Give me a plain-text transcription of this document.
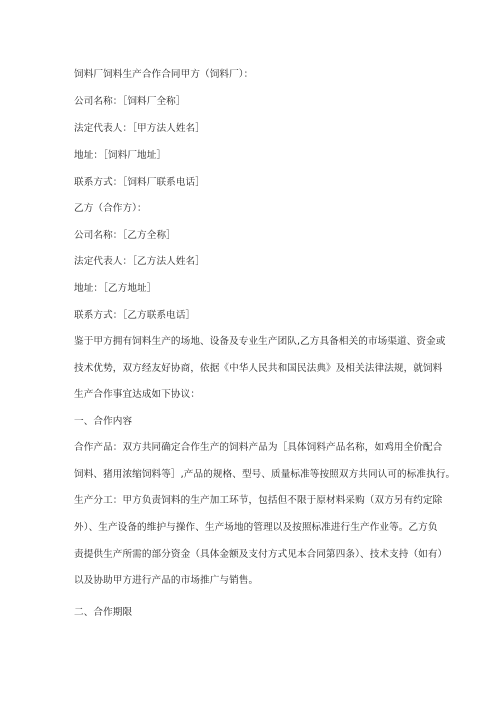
饲料厂饲料生产合作合同甲方（饲料厂）：
公司名称：［饲料厂全称］
法定代表人：［甲方法人姓名］
地址：［饲料厂地址］
联系方式：［饲料厂联系电话］
乙方（合作方）：
公司名称：［乙方全称］
法定代表人：［乙方法人姓名］
地址：［乙方地址］
联系方式：［乙方联系电话］
鉴于甲方拥有饲料生产的场地、设备及专业生产团队,乙方具备相关的市场渠道、资金或
技术优势，双方经友好协商，依据《中华人民共和国民法典》及相关法律法规，就饲料
生产合作事宜达成如下协议：
一、合作内容
合作产品：双方共同确定合作生产的饲料产品为［具体饲料产品名称，如鸡用全价配合
饲料、猪用浓缩饲料等］,产品的规格、型号、质量标准等按照双方共同认可的标准执行。
生产分工：甲方负责饲料的生产加工环节，包括但不限于原材料采购（双方另有约定除
外）、生产设备的维护与操作、生产场地的管理以及按照标准进行生产作业等。乙方负
责提供生产所需的部分资金（具体金额及支付方式见本合同第四条）、技术支持（如有）
以及协助甲方进行产品的市场推广与销售。
二、合作期限
